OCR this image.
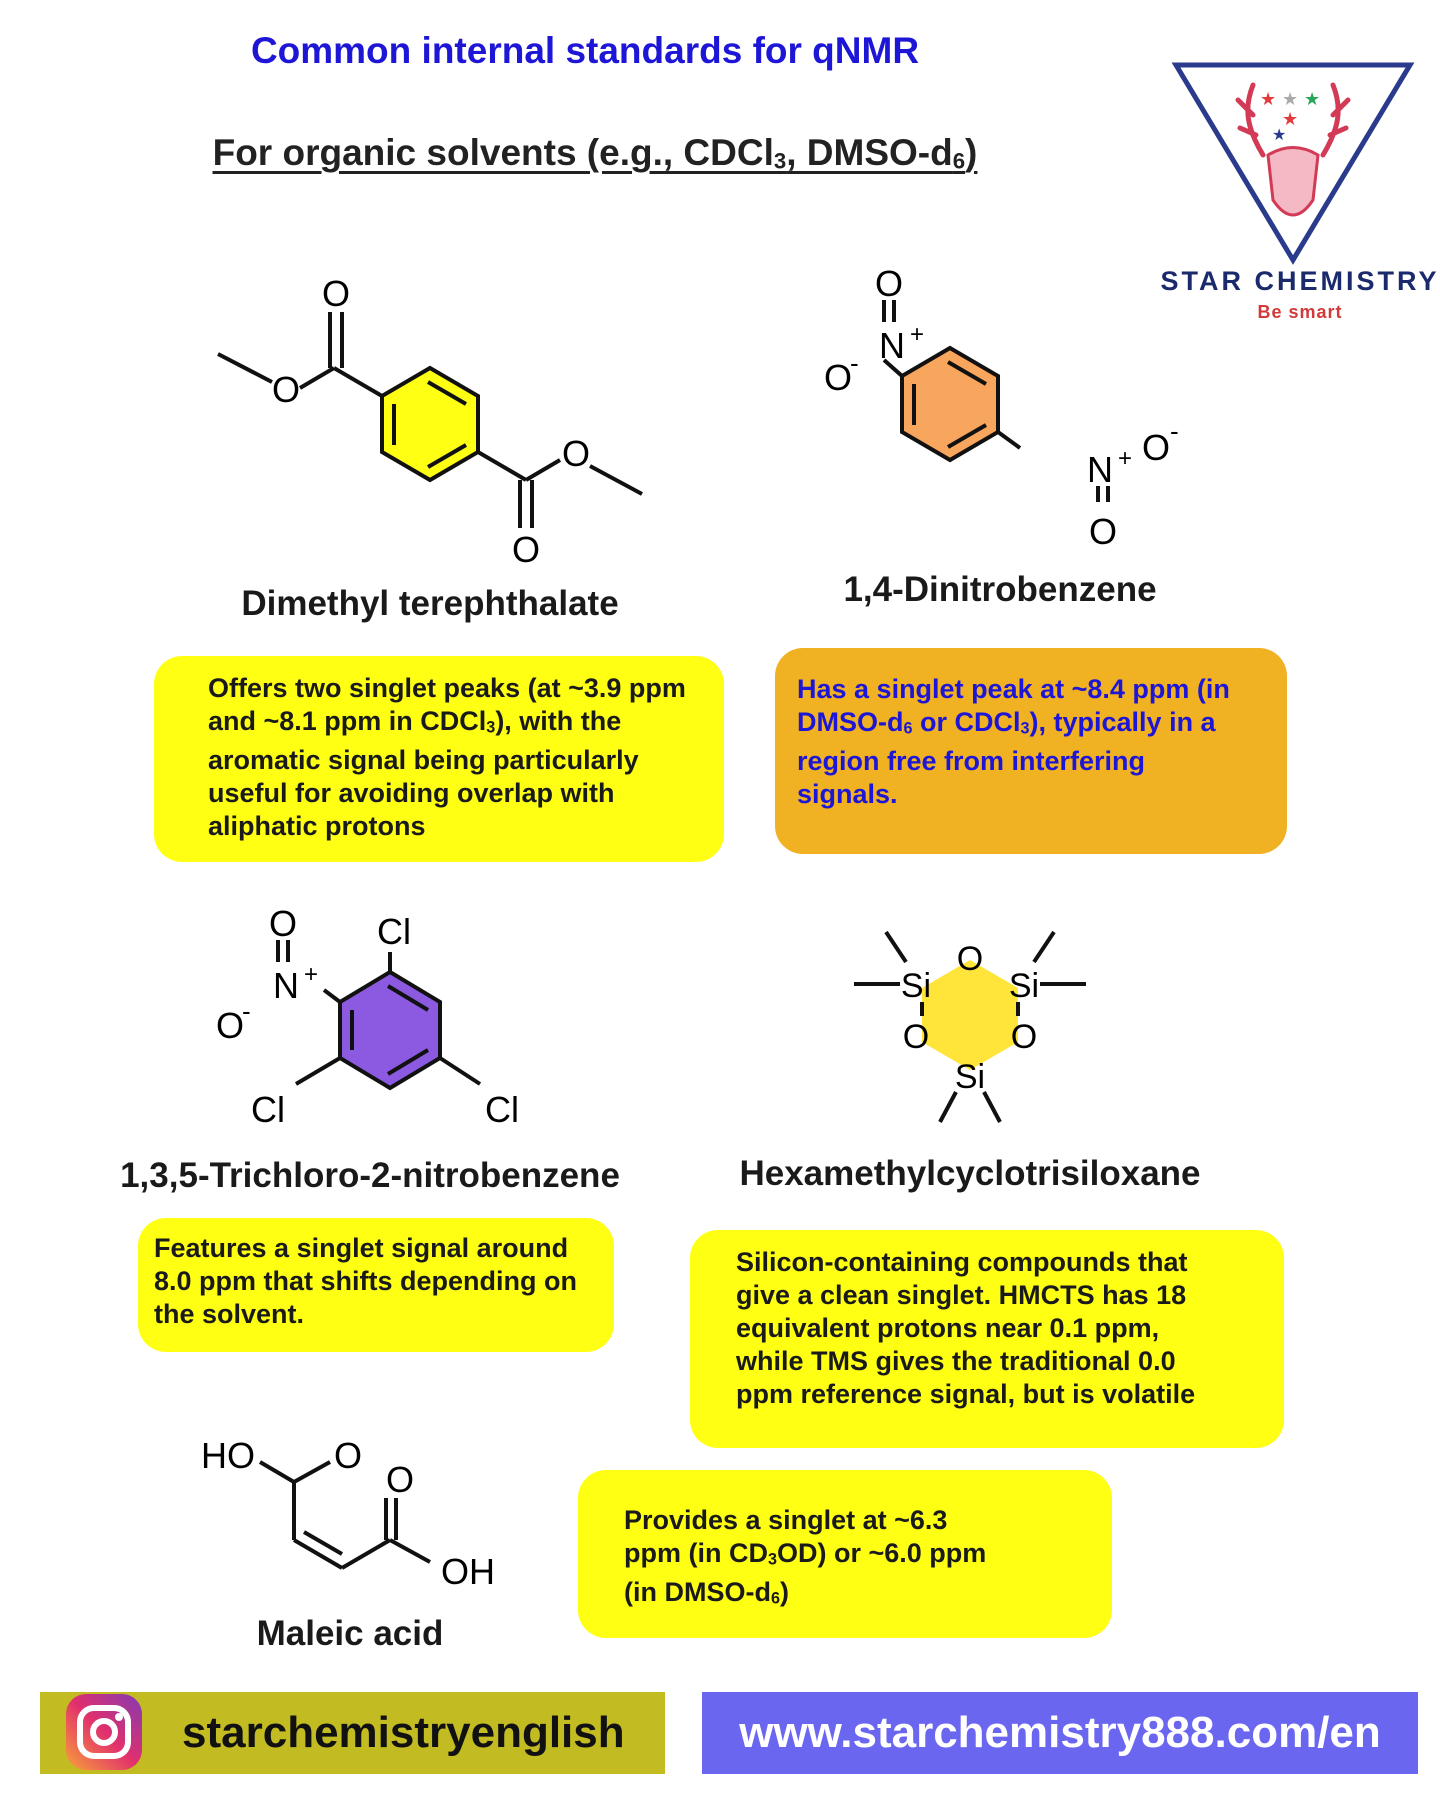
Common internal standards for qNMR
For organic solvents (e.g., CDCl$_3$, DMSO-$d_6$)
★ ★ ★
★
★
STAR CHEMISTRY
Be smart
O
O
O
O
Dimethyl terephthalate
O
N +
O
-
N + O -
O
1,4-Dinitrobenzene
Offers two singlet peaks (at ~3.9 ppm
and ~8.1 ppm in CDCl$_3$), with the
aromatic signal being particularly
useful for avoiding overlap with
aliphatic protons
Has a singlet peak at ~8.4 ppm (in
DMSO-$d_6$ or CDCl$_3$), typically in a
region free from interfering
signals.
O Cl
N +
O
-
Cl	Cl
1,3,5-Trichloro-2-nitrobenzene
O
Si Si
O O
Si
Hexamethylcyclotrisiloxane
Features a singlet signal around
8.0 ppm that shifts depending on
the solvent.
Silicon-containing compounds that
give a clean singlet. HMCTS has 18
equivalent protons near 0.1 ppm,
while TMS gives the traditional 0.0
ppm reference signal, but is volatile
HO O
O
OH
Maleic acid
Provides a singlet at ~6.3
ppm (in $CD_3OD$) or ~6.0 ppm
(in DMSO-$d_6$)
starchemistryenglish	www.starchemistry888.com/en
